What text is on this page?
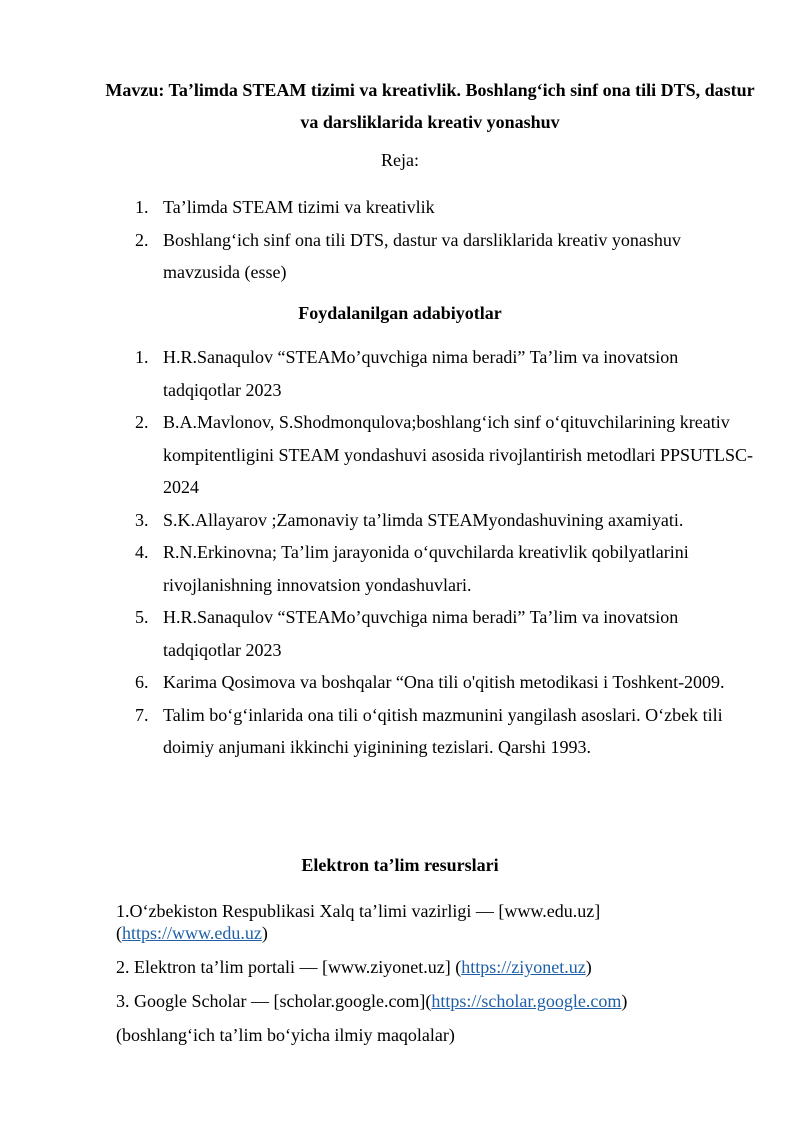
Mavzu: Ta’limda STEAM tizimi va kreativlik. Boshlang‘ich sinf ona tili DTS, dastur va darsliklarida kreativ yonashuv
Reja:
1. Ta’limda STEAM tizimi va kreativlik
2. Boshlang‘ich sinf ona tili DTS, dastur va darsliklarida kreativ yonashuv mavzusida (esse)
Foydalanilgan adabiyotlar
1. H.R.Sanaqulov “STEAMo’quvchiga nima beradi” Ta’lim va inovatsion tadqiqotlar 2023
2. B.A.Mavlonov, S.Shodmonqulova;boshlang‘ich sinf o‘qituvchilarining kreativ kompitentligini STEAM yondashuvi asosida rivojlantirish metodlari PPSUTLSC-2024
3. S.K.Allayarov ;Zamonaviy ta’limda STEAMyondashuvining axamiyati.
4. R.N.Erkinovna; Ta’lim jarayonida o‘quvchilarda kreativlik qobilyatlarini rivojlanishning innovatsion yondashuvlari.
5. H.R.Sanaqulov “STEAMo’quvchiga nima beradi” Ta’lim va inovatsion tadqiqotlar 2023
6. Karima Qosimova va boshqalar “Ona tili o'qitish metodikasi i Toshkent-2009.
7. Talim bo‘g‘inlarida ona tili o‘qitish mazmunini yangilash asoslari. O‘zbek tili doimiy anjumani ikkinchi yiginining tezislari. Qarshi 1993.
Elektron ta’lim resurslari
1.O‘zbekiston Respublikasi Xalq ta’limi vazirligi — [www.edu.uz] (https://www.edu.uz)
2. Elektron ta’lim portali — [www.ziyonet.uz] (https://ziyonet.uz)
3. Google Scholar — [scholar.google.com](https://scholar.google.com)
(boshlang‘ich ta’lim bo‘yicha ilmiy maqolalar)
